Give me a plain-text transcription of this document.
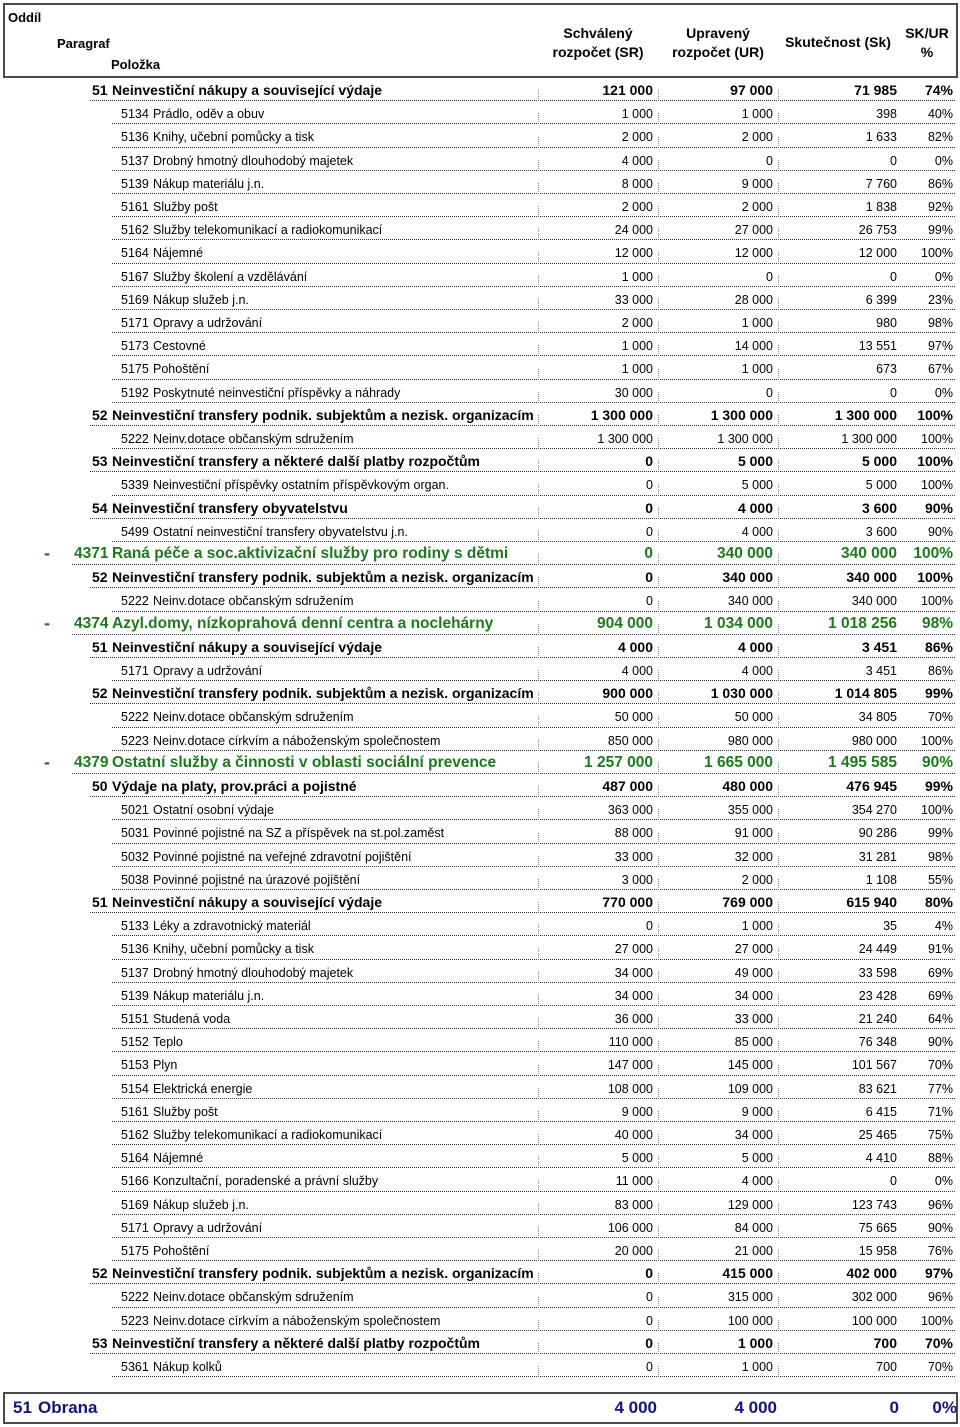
Oddíl
Paragraf
Položka
Schválený
rozpočet (SR)
Upravený
rozpočet (UR)
Skutečnost (Sk)
SK/UR
%
51 Neinvestiční nákupy a související výdaje	121 000	97 000	71 985	74%
5134 Prádlo, oděv a obuv	1 000	1 000	398	40%
5136 Knihy, učební pomůcky a tisk	2 000	2 000	1 633	82%
5137 Drobný hmotný dlouhodobý majetek	4 000	0	0	0%
5139 Nákup materiálu j.n.	8 000	9 000	7 760	86%
5161 Služby pošt	2 000	2 000	1 838	92%
5162 Služby telekomunikací a radiokomunikací	24 000	27 000	26 753	99%
5164 Nájemné	12 000	12 000	12 000	100%
5167 Služby školení a vzdělávání	1 000	0	0	0%
5169 Nákup služeb j.n.	33 000	28 000	6 399	23%
5171 Opravy a udržování	2 000	1 000	980	98%
5173 Cestovné	1 000	14 000	13 551	97%
5175 Pohoštění	1 000	1 000	673	67%
5192 Poskytnuté neinvestiční příspěvky a náhrady	30 000	0	0	0%
52 Neinvestiční transfery podnik. subjektům a nezisk. organizacím	1 300 000	1 300 000	1 300 000	100%
5222 Neinv.dotace občanským sdružením	1 300 000	1 300 000	1 300 000	100%
53 Neinvestiční transfery a některé další platby rozpočtům	0	5 000	5 000	100%
5339 Neinvestiční příspěvky ostatním příspěvkovým organ.	0	5 000	5 000	100%
54 Neinvestiční transfery obyvatelstvu	0	4 000	3 600	90%
5499 Ostatní neinvestiční transfery obyvatelstvu j.n.	0	4 000	3 600	90%
‐ 4371 Raná péče a soc.aktivizační služby pro rodiny s dětmi	0	340 000	340 000	100%
52 Neinvestiční transfery podnik. subjektům a nezisk. organizacím	0	340 000	340 000	100%
5222 Neinv.dotace občanským sdružením	0	340 000	340 000	100%
‐ 4374 Azyl.domy, nízkoprahová denní centra a noclehárny	904 000	1 034 000	1 018 256	98%
51 Neinvestiční nákupy a související výdaje	4 000	4 000	3 451	86%
5171 Opravy a udržování	4 000	4 000	3 451	86%
52 Neinvestiční transfery podnik. subjektům a nezisk. organizacím	900 000	1 030 000	1 014 805	99%
5222 Neinv.dotace občanským sdružením	50 000	50 000	34 805	70%
5223 Neinv.dotace církvím a náboženským společnostem	850 000	980 000	980 000	100%
‐ 4379 Ostatní služby a činnosti v oblasti sociální prevence	1 257 000	1 665 000	1 495 585	90%
50 Výdaje na platy, prov.práci a pojistné	487 000	480 000	476 945	99%
5021 Ostatní osobní výdaje	363 000	355 000	354 270	100%
5031 Povinné pojistné na SZ a příspěvek na st.pol.zaměst	88 000	91 000	90 286	99%
5032 Povinné pojistné na veřejné zdravotní pojištění	33 000	32 000	31 281	98%
5038 Povinné pojistné na úrazové pojištění	3 000	2 000	1 108	55%
51 Neinvestiční nákupy a související výdaje	770 000	769 000	615 940	80%
5133 Léky a zdravotnický materiál	0	1 000	35	4%
5136 Knihy, učební pomůcky a tisk	27 000	27 000	24 449	91%
5137 Drobný hmotný dlouhodobý majetek	34 000	49 000	33 598	69%
5139 Nákup materiálu j.n.	34 000	34 000	23 428	69%
5151 Studená voda	36 000	33 000	21 240	64%
5152 Teplo	110 000	85 000	76 348	90%
5153 Plyn	147 000	145 000	101 567	70%
5154 Elektrická energie	108 000	109 000	83 621	77%
5161 Služby pošt	9 000	9 000	6 415	71%
5162 Služby telekomunikací a radiokomunikací	40 000	34 000	25 465	75%
5164 Nájemné	5 000	5 000	4 410	88%
5166 Konzultační, poradenské a právní služby	11 000	4 000	0	0%
5169 Nákup služeb j.n.	83 000	129 000	123 743	96%
5171 Opravy a udržování	106 000	84 000	75 665	90%
5175 Pohoštění	20 000	21 000	15 958	76%
52 Neinvestiční transfery podnik. subjektům a nezisk. organizacím	0	415 000	402 000	97%
5222 Neinv.dotace občanským sdružením	0	315 000	302 000	96%
5223 Neinv.dotace církvím a náboženským společnostem	0	100 000	100 000	100%
53 Neinvestiční transfery a některé další platby rozpočtům	0	1 000	700	70%
5361 Nákup kolků	0	1 000	700	70%
51 Obrana	4 000	4 000	0	0%
